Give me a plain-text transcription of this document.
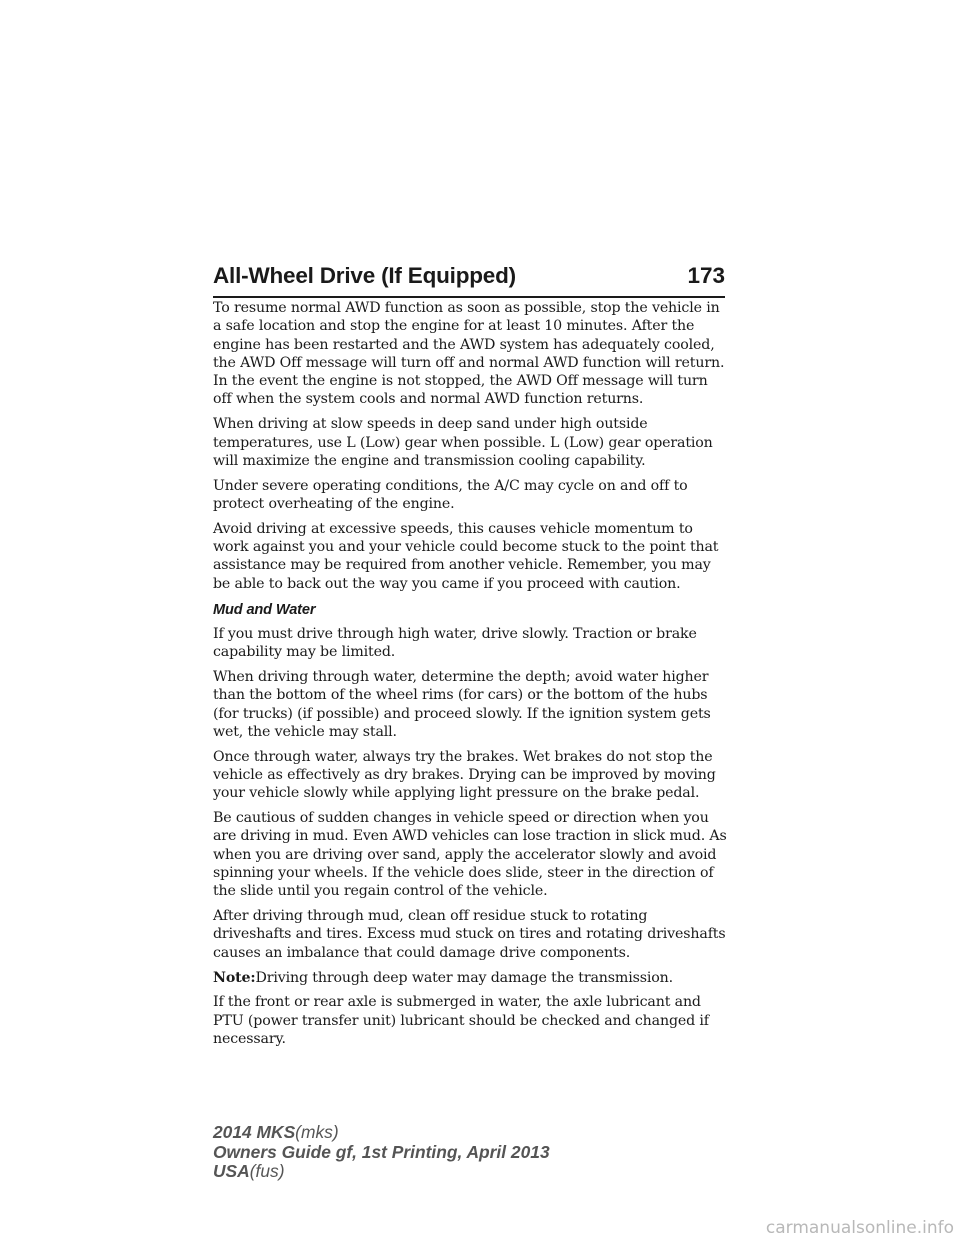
All-Wheel Drive (If Equipped)	173

To resume normal AWD function as soon as possible, stop the vehicle in
a safe location and stop the engine for at least 10 minutes. After the
engine has been restarted and the AWD system has adequately cooled,
the AWD Off message will turn off and normal AWD function will return.
In the event the engine is not stopped, the AWD Off message will turn
off when the system cools and normal AWD function returns.

When driving at slow speeds in deep sand under high outside
temperatures, use L (Low) gear when possible. L (Low) gear operation
will maximize the engine and transmission cooling capability.

Under severe operating conditions, the A/C may cycle on and off to protect overheating of the engine.

Avoid driving at excessive speeds, this causes vehicle momentum to work against you and your vehicle could become stuck to the point that assistance may be required from another vehicle. Remember, you may be able to back out the way you came if you proceed with caution.

Mud and Water

If you must drive through high water, drive slowly. Traction or brake capability may be limited.

When driving through water, determine the depth; avoid water higher than the bottom of the wheel rims (for cars) or the bottom of the hubs (for trucks) (if possible) and proceed slowly. If the ignition system gets wet, the vehicle may stall.

Once through water, always try the brakes. Wet brakes do not stop the vehicle as effectively as dry brakes. Drying can be improved by moving your vehicle slowly while applying light pressure on the brake pedal.

Be cautious of sudden changes in vehicle speed or direction when you are driving in mud. Even AWD vehicles can lose traction in slick mud. As when you are driving over sand, apply the accelerator slowly and avoid spinning your wheels. If the vehicle does slide, steer in the direction of the slide until you regain control of the vehicle.

After driving through mud, clean off residue stuck to rotating driveshafts and tires. Excess mud stuck on tires and rotating driveshafts causes an imbalance that could damage drive components.

Note:Driving through deep water may damage the transmission.

If the front or rear axle is submerged in water, the axle lubricant and PTU (power transfer unit) lubricant should be checked and changed if necessary.

2014 MKS(mks)
Owners Guide gf, 1st Printing, April 2013
USA(fus)
carmanualsonline.info
